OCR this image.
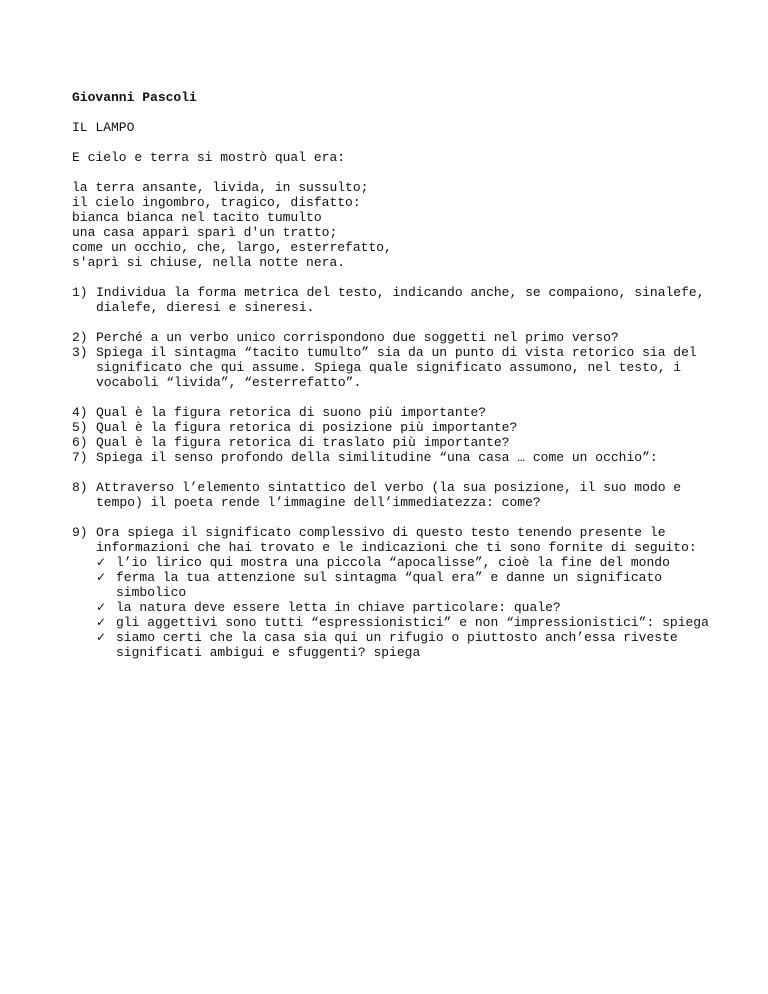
Giovanni Pascoli
IL LAMPO
E cielo e terra si mostrò qual era:
la terra ansante, livida, in sussulto;
il cielo ingombro, tragico, disfatto:
bianca bianca nel tacito tumulto
una casa apparì sparì d'un tratto;
come un occhio, che, largo, esterrefatto,
s'aprì si chiuse, nella notte nera.
1) Individua la forma metrica del testo, indicando anche, se compaiono, sinalefe, dialefe, dieresi e sineresi.
2) Perché a un verbo unico corrispondono due soggetti nel primo verso?
3) Spiega il sintagma “tacito tumulto” sia da un punto di vista retorico sia del significato che qui assume. Spiega quale significato assumono, nel testo, i vocaboli “livida”, “esterrefatto”.
4) Qual è la figura retorica di suono più importante?
5) Qual è la figura retorica di posizione più importante?
6) Qual è la figura retorica di traslato più importante?
7) Spiega il senso profondo della similitudine “una casa … come un occhio”:
8) Attraverso l’elemento sintattico del verbo (la sua posizione, il suo modo e tempo) il poeta rende l’immagine dell’immediatezza: come?
9) Ora spiega il significato complessivo di questo testo tenendo presente le informazioni che hai trovato e le indicazioni che ti sono fornite di seguito:
✓ l’io lirico qui mostra una piccola “apocalisse”, cioè la fine del mondo
✓ ferma la tua attenzione sul sintagma “qual era” e danne un significato simbolico
✓ la natura deve essere letta in chiave particolare: quale?
✓ gli aggettivi sono tutti “espressionistici” e non “impressionistici”: spiega
✓ siamo certi che la casa sia qui un rifugio o piuttosto anch’essa riveste significati ambigui e sfuggenti? spiega
